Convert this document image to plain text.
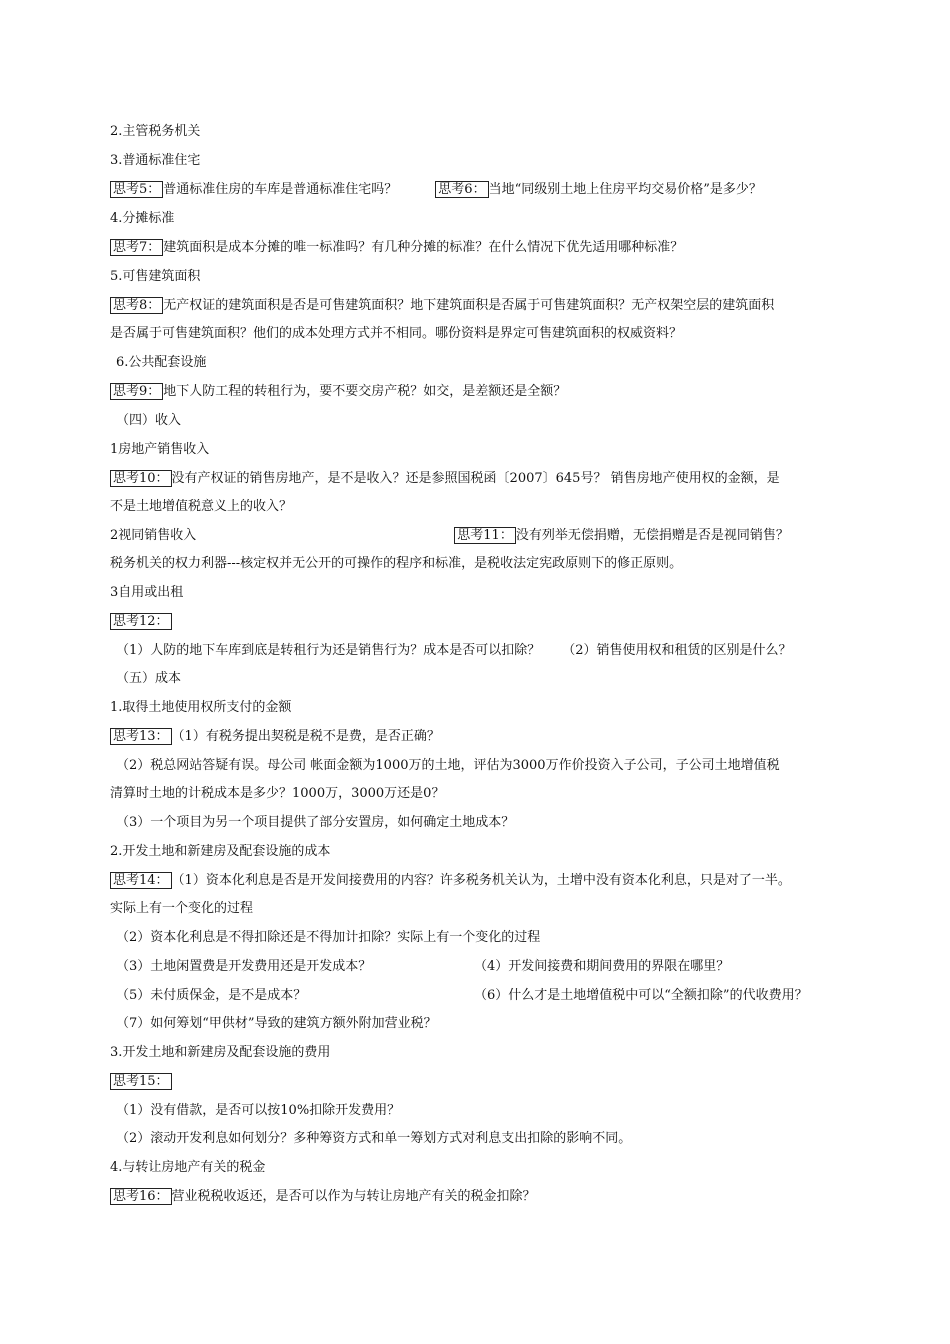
2.主管税务机关
3.普通标准住宅
思考5： 普通标准住房的车库是普通标准住宅吗？	思考6： 当地“同级别土地上住房平均交易价格”是多少？
4.分摊标准
思考7： 建筑面积是成本分摊的唯一标准吗？有几种分摊的标准？在什么情况下优先适用哪种标准？
5.可售建筑面积
思考8： 无产权证的建筑面积是否是可售建筑面积？地下建筑面积是否属于可售建筑面积？无产权架空层的建筑面积
是否属于可售建筑面积？他们的成本处理方式并不相同。哪份资料是界定可售建筑面积的权威资料？
6.公共配套设施
思考9： 地下人防工程的转租行为，要不要交房产税？如交，是差额还是全额？
（四）收入
1房地产销售收入
思考10： 没有产权证的销售房地产，是不是收入？还是参照国税函〔2007〕645号？ 销售房地产使用权的金额，是
不是土地增值税意义上的收入？
2视同销售收入	思考11： 没有列举无偿捐赠，无偿捐赠是否是视同销售？
税务机关的权力利器---核定权并无公开的可操作的程序和标准，是税收法定宪政原则下的修正原则。
3自用或出租
思考12：
（1）人防的地下车库到底是转租行为还是销售行为？成本是否可以扣除？ （2）销售使用权和租赁的区别是什么？
（五）成本
1.取得土地使用权所支付的金额
思考13： （1）有税务提出契税是税不是费，是否正确？
（2）税总网站答疑有误。母公司 帐面金额为1000万的土地，评估为3000万作价投资入子公司，子公司土地增值税
清算时土地的计税成本是多少？1000万，3000万还是0？
（3）一个项目为另一个项目提供了部分安置房，如何确定土地成本？
2.开发土地和新建房及配套设施的成本
思考14： （1）资本化利息是否是开发间接费用的内容？许多税务机关认为，土增中没有资本化利息，只是对了一半。
实际上有一个变化的过程
（2）资本化利息是不得扣除还是不得加计扣除？实际上有一个变化的过程
（3）土地闲置费是开发费用还是开发成本？	（4）开发间接费和期间费用的界限在哪里？
（5）未付质保金，是不是成本？	（6）什么才是土地增值税中可以“全额扣除”的代收费用？
（7）如何筹划“甲供材”导致的建筑方额外附加营业税？
3.开发土地和新建房及配套设施的费用
思考15：
（1）没有借款，是否可以按10%扣除开发费用？
（2）滚动开发利息如何划分？多种筹资方式和单一筹划方式对利息支出扣除的影响不同。
4.与转让房地产有关的税金
思考16： 营业税税收返还，是否可以作为与转让房地产有关的税金扣除？
